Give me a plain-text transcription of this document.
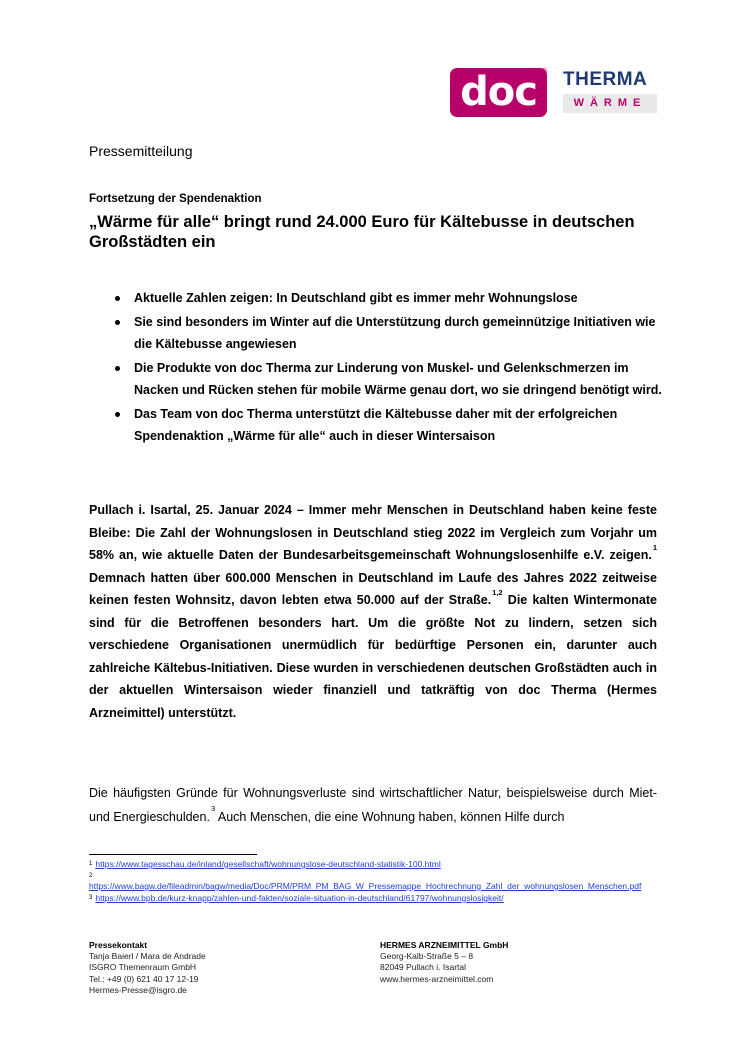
doc ® THERMA
WÄRME
Pressemitteilung
Fortsetzung der Spendenaktion
„Wärme für alle“ bringt rund 24.000 Euro für Kältebusse in deutschen Großstädten ein
Aktuelle Zahlen zeigen: In Deutschland gibt es immer mehr Wohnungslose
Sie sind besonders im Winter auf die Unterstützung durch gemeinnützige Initiativen wie die Kältebusse angewiesen
Die Produkte von doc Therma zur Linderung von Muskel- und Gelenkschmerzen im Nacken und Rücken stehen für mobile Wärme genau dort, wo sie dringend benötigt wird.
Das Team von doc Therma unterstützt die Kältebusse daher mit der erfolgreichen Spendenaktion „Wärme für alle“ auch in dieser Wintersaison

Pullach i. Isartal, 25. Januar 2024 – Immer mehr Menschen in Deutschland haben keine feste Bleibe: Die Zahl der Wohnungslosen in Deutschland stieg 2022 im Vergleich zum Vorjahr um 58% an, wie aktuelle Daten der Bundesarbeitsgemeinschaft Wohnungslosenhilfe e.V. zeigen.$^1$ Demnach hatten über 600.000 Menschen in Deutschland im Laufe des Jahres 2022 zeitweise keinen festen Wohnsitz, davon lebten etwa 50.000 auf der Straße.$^{1,2}$ Die kalten Wintermonate sind für die Betroffenen besonders hart. Um die größte Not zu lindern, setzen sich verschiedene Organisationen unermüdlich für bedürftige Personen ein, darunter auch zahlreiche Kältebus-Initiativen. Diese wurden in verschiedenen deutschen Großstädten auch in der aktuellen Wintersaison wieder finanziell und tatkräftig von doc Therma (Hermes Arzneimittel) unterstützt.

Die häufigsten Gründe für Wohnungsverluste sind wirtschaftlicher Natur, beispielsweise durch Miet- und Energieschulden.$^3$ Auch Menschen, die eine Wohnung haben, können Hilfe durch

$^1$ https://www.tagesschau.de/inland/gesellschaft/wohnungslose-deutschland-statistik-100.html

$^2$
https://www.bagw.de/fileadmin/bagw/media/Doc/PRM/PRM_PM_BAG_W_Pressemappe_Hochrechnung_Zahl_der_wohnungslosen_Menschen.pdf

$^3$ https://www.bpb.de/kurz-knapp/zahlen-und-fakten/soziale-situation-in-deutschland/61797/wohnungslosigkeit/

Pressekontakt
Tanja Baierl / Mara de Andrade
ISGRO Themenraum GmbH
Tel.: +49 (0) 621 40 17 12-19
Hermes-Presse@isgro.de
HERMES ARZNEIMITTEL GmbH
Georg-Kalb-Straße 5 – 8
82049 Pullach i. Isartal
www.hermes-arzneimittel.com
